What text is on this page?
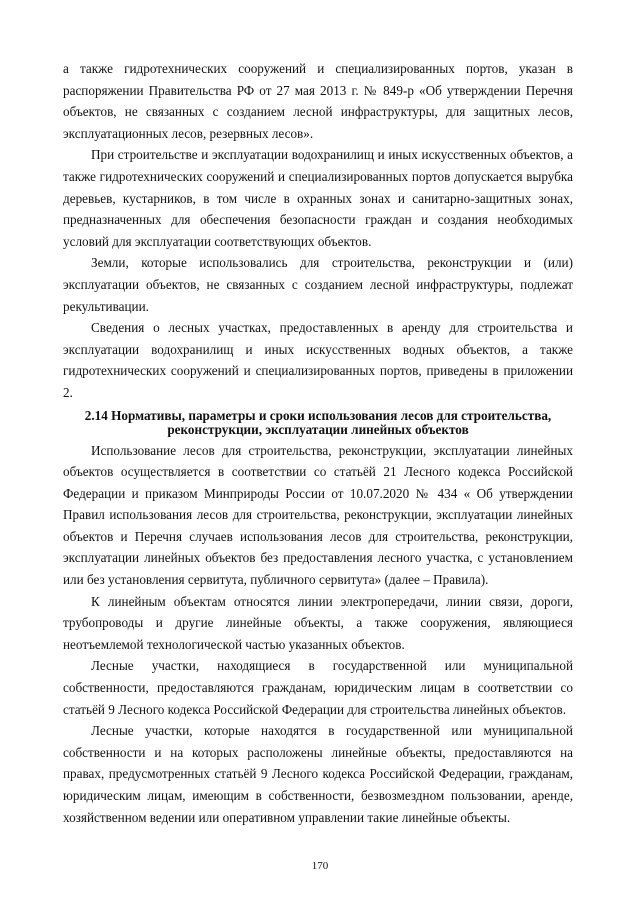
а также гидротехнических сооружений и специализированных портов, указан в распоряжении Правительства РФ от 27 мая 2013 г. № 849-р «Об утверждении Перечня объектов, не связанных с созданием лесной инфраструктуры, для защитных лесов, эксплуатационных лесов, резервных лесов».

При строительстве и эксплуатации водохранилищ и иных искусственных объектов, а также гидротехнических сооружений и специализированных портов допускается вырубка деревьев, кустарников, в том числе в охранных зонах и санитарно-защитных зонах, предназначенных для обеспечения безопасности граждан и создания необходимых условий для эксплуатации соответствующих объектов.

Земли, которые использовались для строительства, реконструкции и (или) эксплуатации объектов, не связанных с созданием лесной инфраструктуры, подлежат рекультивации.

Сведения о лесных участках, предоставленных в аренду для строительства и эксплуатации водохранилищ и иных искусственных водных объектов, а также гидротехнических сооружений и специализированных портов, приведены в приложении 2.

2.14 Нормативы, параметры и сроки использования лесов для строительства,
реконструкции, эксплуатации линейных объектов

Использование лесов для строительства, реконструкции, эксплуатации линейных объектов осуществляется в соответствии со статьёй 21 Лесного кодекса Российской Федерации и приказом Минприроды России от 10.07.2020 № 434 « Об утверждении Правил использования лесов для строительства, реконструкции, эксплуатации линейных объектов и Перечня случаев использования лесов для строительства, реконструкции, эксплуатации линейных объектов без предоставления лесного участка, с установлением или без установления сервитута, публичного сервитута» (далее – Правила).

К линейным объектам относятся линии электропередачи, линии связи, дороги, трубопроводы и другие линейные объекты, а также сооружения, являющиеся неотъемлемой технологической частью указанных объектов.

Лесные участки, находящиеся в государственной или муниципальной собственности, предоставляются гражданам, юридическим лицам в соответствии со статьёй 9 Лесного кодекса Российской Федерации для строительства линейных объектов.

Лесные участки, которые находятся в государственной или муниципальной собственности и на которых расположены линейные объекты, предоставляются на правах, предусмотренных статьёй 9 Лесного кодекса Российской Федерации, гражданам, юридическим лицам, имеющим в собственности, безвозмездном пользовании, аренде, хозяйственном ведении или оперативном управлении такие линейные объекты.

170
